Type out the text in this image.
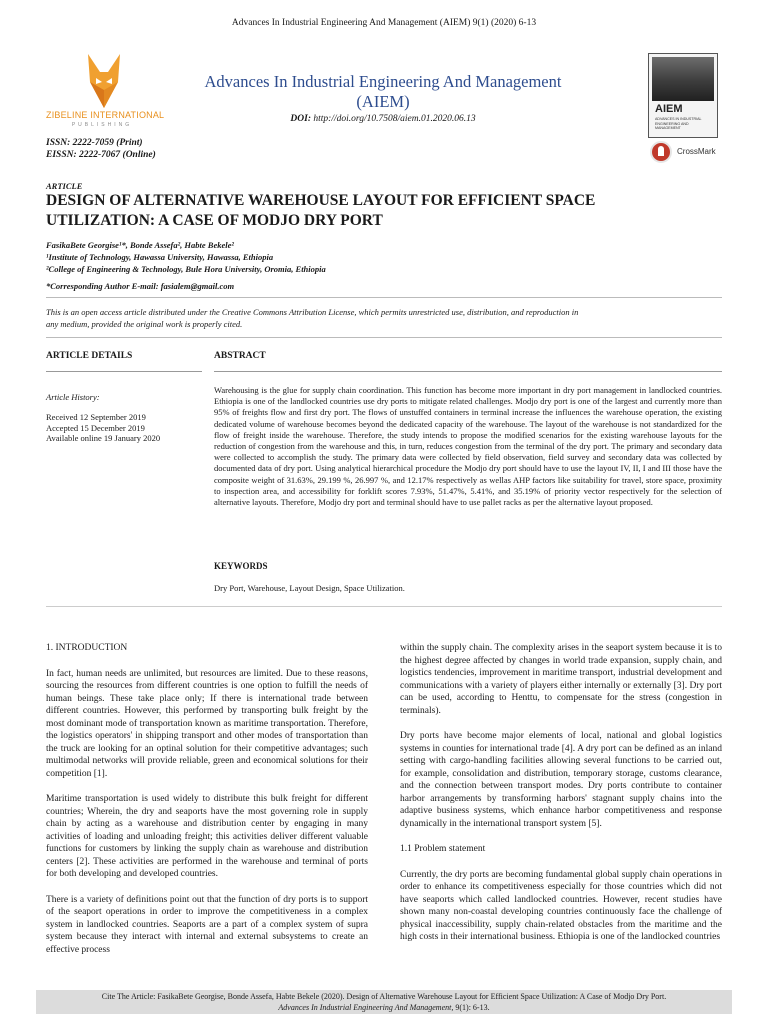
Advances In Industrial Engineering And Management (AIEM) 9(1) (2020) 6-13
ZIBELINE INTERNATIONAL
PUBLISHING
ISSN: 2222-7059 (Print)
EISSN: 2222-7067 (Online)
Advances In Industrial Engineering And Management
(AIEM)
DOI: http://doi.org/10.7508/aiem.01.2020.06.13
AIEM
ADVANCES IN INDUSTRIAL ENGINEERING AND MANAGEMENT
CrossMark
ARTICLE
DESIGN OF ALTERNATIVE WAREHOUSE LAYOUT FOR EFFICIENT SPACE
UTILIZATION: A CASE OF MODJO DRY PORT
FasikaBete Georgise¹*, Bonde Assefa², Habte Bekele²
¹Institute of Technology, Hawassa University, Hawassa, Ethiopia
²College of Engineering & Technology, Bule Hora University, Oromia, Ethiopia
*Corresponding Author E-mail: fasialem@gmail.com
This is an open access article distributed under the Creative Commons Attribution License, which permits unrestricted use, distribution, and reproduction in
any medium, provided the original work is properly cited.
ARTICLE DETAILS	ABSTRACT
Article History:
Received 12 September 2019
Accepted 15 December 2019
Available online 19 January 2020
Warehousing is the glue for supply chain coordination. This function has become more important in dry port management in landlocked countries. Ethiopia is one of the landlocked countries use dry ports to mitigate related challenges. Modjo dry port is one of the largest and currently more than 95% of freights flow and first dry port. The flows of unstuffed containers in terminal increase the influences the warehouse operation, the existing dedicated volume of warehouse becomes beyond the dedicated capacity of the warehouse. The layout of the warehouse is not standardized for the flow of freight inside the warehouse. Therefore, the study intends to propose the modified scenarios for the existing warehouse layouts for the reduction of congestion from the warehouse and this, in turn, reduces congestion from the terminal of the dry port. The primary and secondary data were collected to accomplish the study. The primary data were collected by field observation, field survey and secondary data was collected by documented data of dry port. Using analytical hierarchical procedure the Modjo dry port should have to use the layout IV, II, I and III those have the composite weight of 31.63%, 29.199 %, 26.997 %, and 12.17% respectively as wellas AHP factors like suitability for travel, store space, proximity to inspection area, and accessibility for forklift scores 7.93%, 51.47%, 5.41%, and 35.19% of priority vector respectively for the selection of alternative layouts. Therefore, Modjo dry port and terminal should have to use pallet racks as per the alternative layout proposed.
KEYWORDS
Dry Port, Warehouse, Layout Design, Space Utilization.
1. INTRODUCTION

In fact, human needs are unlimited, but resources are limited. Due to these reasons, sourcing the resources from different countries is one option to fulfill the needs of human beings. These take place only; If there is international trade between different countries. However, this performed by transporting bulk freight by the most dominant mode of transportation known as maritime transportation. Therefore, the logistics operators' in shipping transport and other modes of transportation than the truck are looking for an optinal solution for their competitive advantages; such multimodal networks will provide reliable, green and economical solutions for their competition [1].

Maritime transportation is used widely to distribute this bulk freight for different countries; Wherein, the dry and seaports have the most governing role in supply chain by acting as a warehouse and distribution center by engaging in many activities of loading and unloading freight; this activities deliver different valuable functions for customers by linking the supply chain as warehouse and distribution centers [2]. These activities are performed in the warehouse and terminal of ports for both developing and developed countries.

There is a variety of definitions point out that the function of dry ports is to support of the seaport operations in order to improve the competitiveness in a complex system in landlocked countries. Seaports are a part of a complex system of supra system because they interact with internal and external subsystems to create an effective process

within the supply chain. The complexity arises in the seaport system because it is to the highest degree affected by changes in world trade expansion, supply chain, and logistics tendencies, improvement in maritime transport, industrial development and communications with a variety of players either internally or externally [3]. Dry port can be used, according to Henttu, to compensate for the stress (congestion in terminals).

Dry ports have become major elements of local, national and global logistics systems in counties for international trade [4]. A dry port can be defined as an inland setting with cargo-handling facilities allowing several functions to be carried out, for example, consolidation and distribution, temporary storage, customs clearance, and the connection between transport modes. Dry ports contribute to container harbor arrangements by transforming harbors' stagnant supply chains into the adaptive business systems, which enhance harbor competitiveness and response dynamically in the international transport system [5].

1.1 Problem statement

Currently, the dry ports are becoming fundamental global supply chain operations in order to enhance its competitiveness especially for those countries which did not have seaports which called landlocked countries. However, recent studies have shown many non-coastal developing countries continuously face the challenge of physical inaccessibility, supply chain-related obstacles from the maritime and the high costs in their international business. Ethiopia is one of the landlocked countries

Cite The Article: FasikaBete Georgise, Bonde Assefa, Habte Bekele (2020). Design of Alternative Warehouse Layout for Efficient Space Utilization: A Case of Modjo Dry Port.
Advances In Industrial Engineering And Management, 9(1): 6-13.
